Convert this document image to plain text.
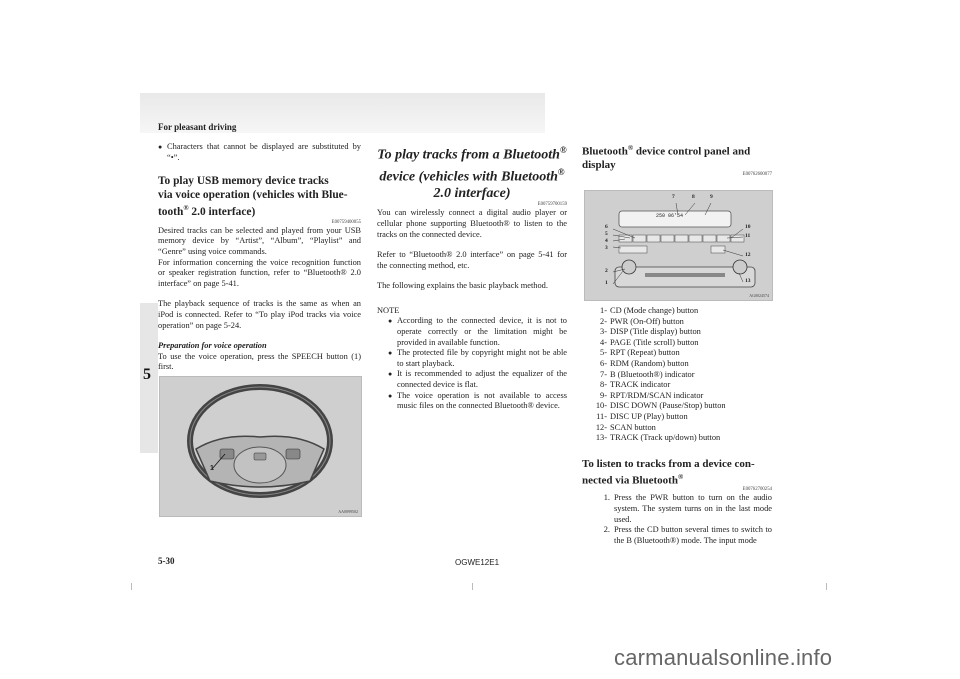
For pleasant driving
5

● Characters that cannot be displayed are substituted by “•”.

To play USB memory device tracks
via voice operation (vehicles with Blue-
tooth® 2.0 interface)
E00759400055

Desired tracks can be selected and played from your USB memory device by “Artist”, “Album”, “Playlist” and “Genre” using voice commands.

For information concerning the voice recognition function or speaker registration function, refer to “Bluetooth® 2.0 interface” on page 5-41.

The playback sequence of tracks is the same as when an iPod is connected. Refer to “To play iPod tracks via voice operation” on page 5-24.

Preparation for voice operation

To use the voice operation, press the SPEECH button (1) first.

1
AA0099502
To play tracks from a Bluetooth®
device (vehicles with Bluetooth®
2.0 interface)
E00759700159

You can wirelessly connect a digital audio player or cellular phone supporting Bluetooth® to listen to the tracks on the connected device.

Refer to “Bluetooth® 2.0 interface” on page 5-41 for the connecting method, etc.

The following explains the basic playback method.

NOTE

● According to the connected device, it is not to operate correctly or the limitation might be provided in available function.

● The protected file by copyright might not be able to start playback.

● It is recommended to adjust the equalizer of the connected device is flat.

● The voice operation is not available to access music files on the connected Bluetooth® device.

Bluetooth® device control panel and
display
E00762600077
250 06'54
7	8	9
6
5
4
3
2
1
10
11
12
13
AG0024574
1- CD (Mode change) button
2- PWR (On-Off) button
3- DISP (Title display) button
4- PAGE (Title scroll) button
5- RPT (Repeat) button
6- RDM (Random) button
7- B (Bluetooth®) indicator
8- TRACK indicator
9- RPT/RDM/SCAN indicator
10- DISC DOWN (Pause/Stop) button
11- DISC UP (Play) button
12- SCAN button
13- TRACK (Track up/down) button
To listen to tracks from a device con-
nected via Bluetooth®
E00762700254
1. Press the PWR button to turn on the audio system. The system turns on in the last mode used.
2. Press the CD button several times to switch to the B (Bluetooth®) mode. The input mode
5-30	OGWE12E1
carmanualsonline.info
